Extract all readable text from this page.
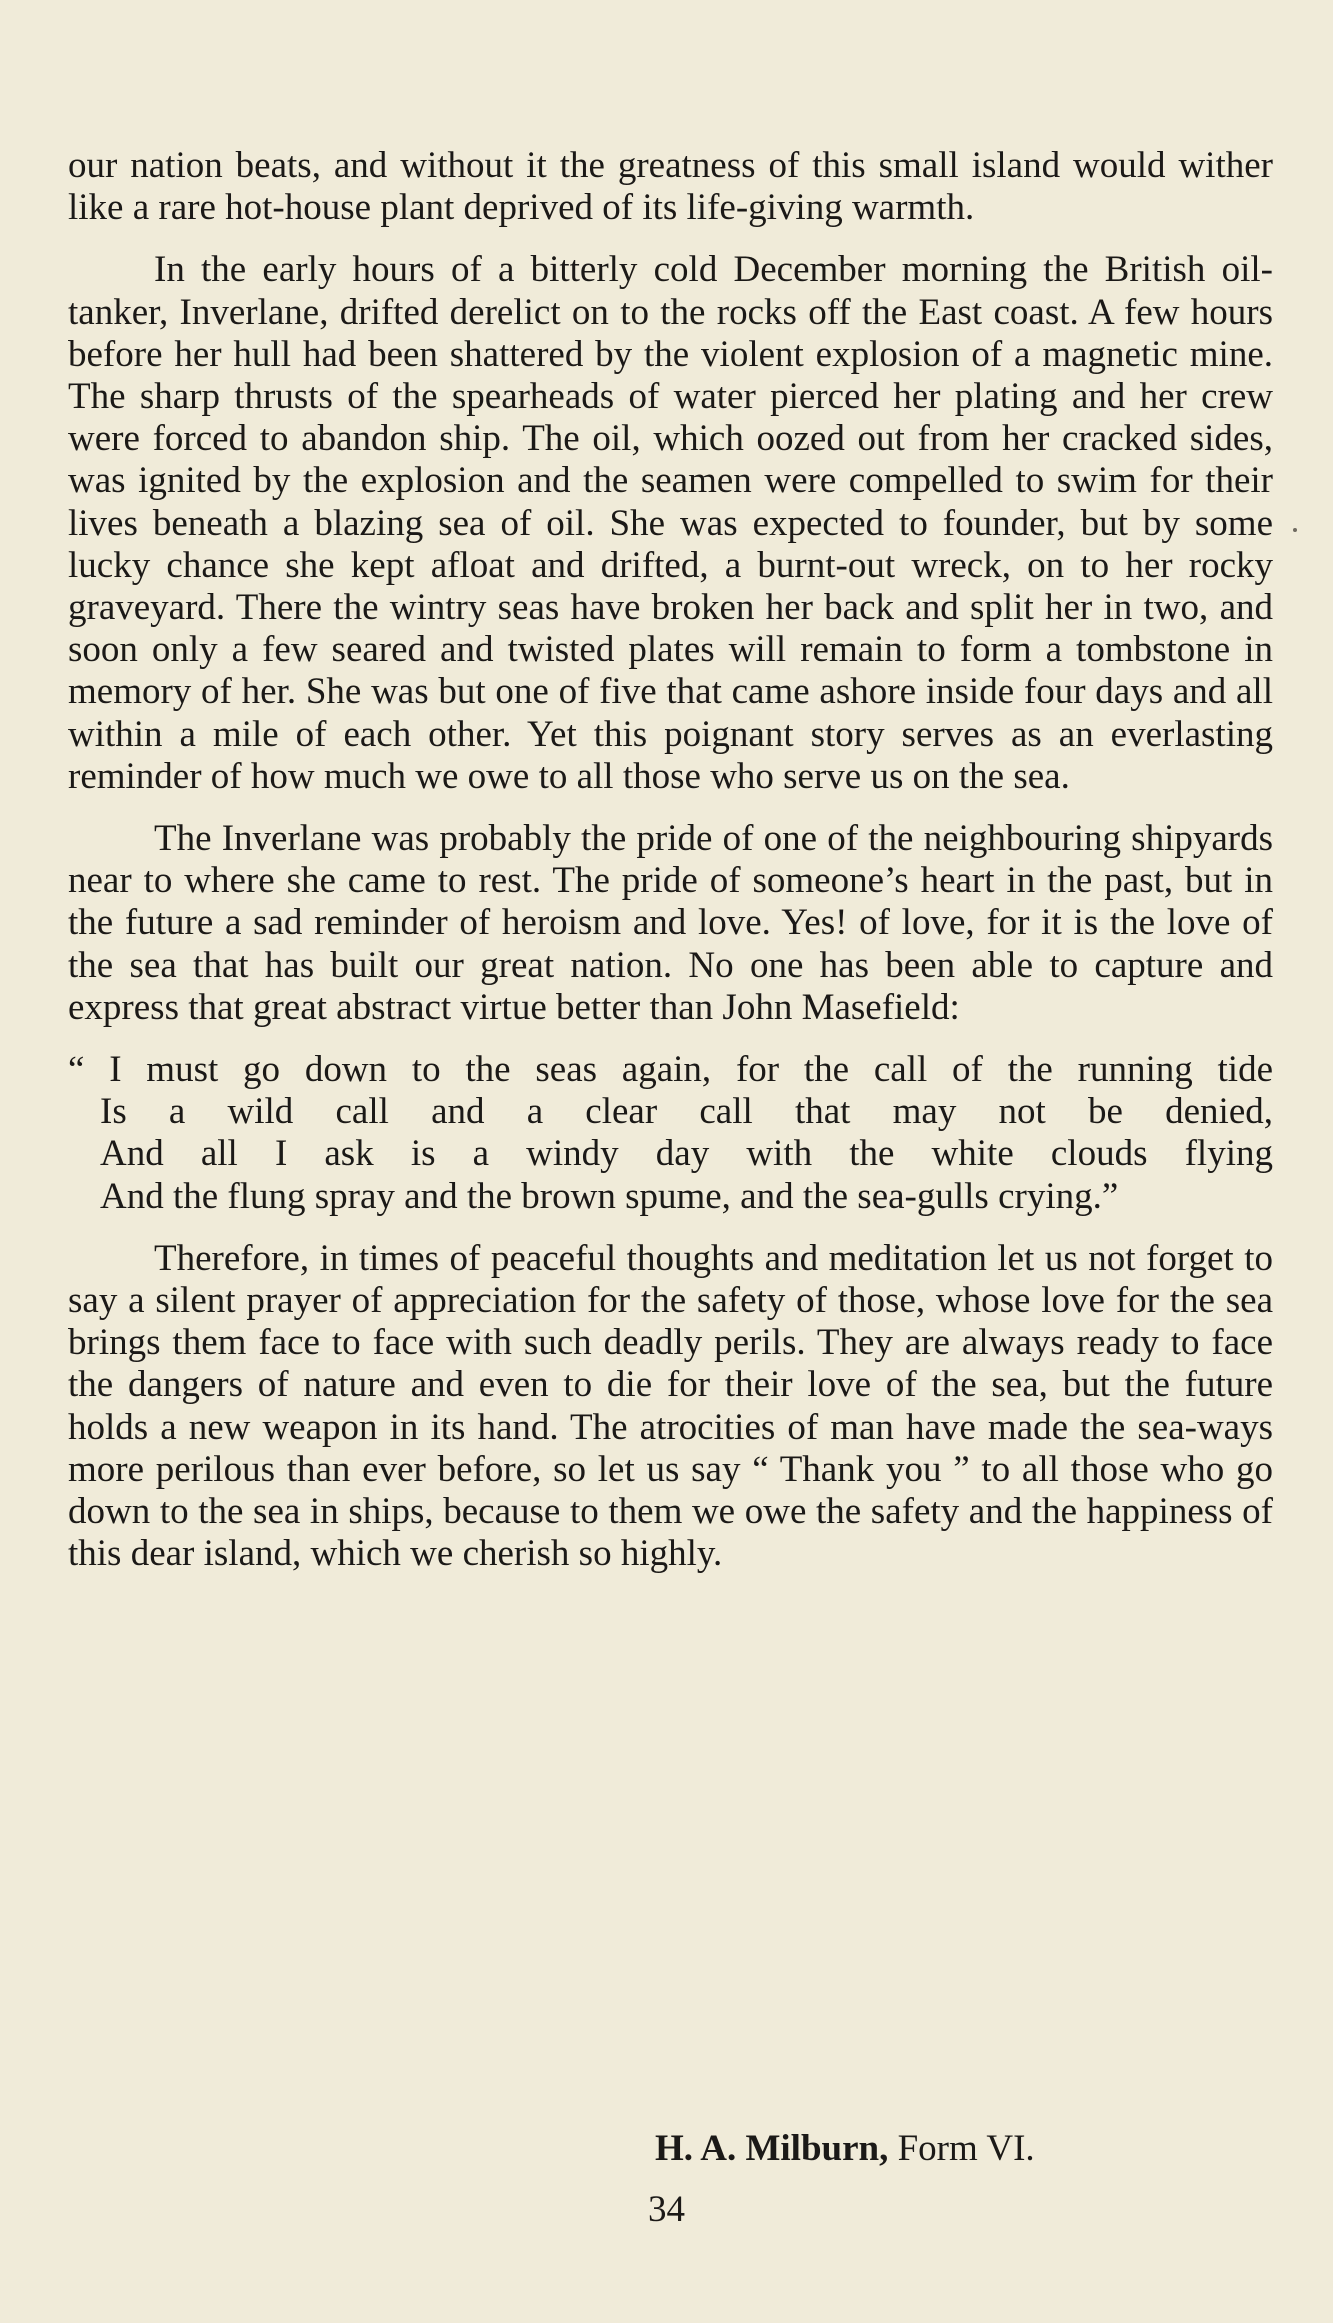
our nation beats, and without it the greatness of this small island would wither like a rare hot-house plant deprived of its life-giving warmth.

In the early hours of a bitterly cold December morning the British oil-tanker, Inverlane, drifted derelict on to the rocks off the East coast. A few hours before her hull had been shattered by the violent explosion of a magnetic mine. The sharp thrusts of the spearheads of water pierced her plating and her crew were forced to abandon ship. The oil, which oozed out from her cracked sides, was ignited by the explosion and the seamen were compelled to swim for their lives beneath a blazing sea of oil. She was expected to founder, but by some lucky chance she kept afloat and drifted, a burnt-out wreck, on to her rocky graveyard. There the wintry seas have broken her back and split her in two, and soon only a few seared and twisted plates will remain to form a tombstone in memory of her. She was but one of five that came ashore inside four days and all within a mile of each other. Yet this poignant story serves as an everlasting reminder of how much we owe to all those who serve us on the sea.

The Inverlane was probably the pride of one of the neighbouring shipyards near to where she came to rest. The pride of someone’s heart in the past, but in the future a sad reminder of heroism and love. Yes! of love, for it is the love of the sea that has built our great nation. No one has been able to capture and express that great abstract virtue better than John Masefield:

“ I must go down to the seas again, for the call of the running tide
Is a wild call and a clear call that may not be denied,
And all I ask is a windy day with the white clouds flying
And the flung spray and the brown spume, and the sea-gulls crying.”

Therefore, in times of peaceful thoughts and meditation let us not forget to say a silent prayer of appreciation for the safety of those, whose love for the sea brings them face to face with such deadly perils. They are always ready to face the dangers of nature and even to die for their love of the sea, but the future holds a new weapon in its hand. The atrocities of man have made the sea-ways more perilous than ever before, so let us say “ Thank you ” to all those who go down to the sea in ships, because to them we owe the safety and the happiness of this dear island, which we cherish so highly.

H. A. Milburn, Form VI.
34
